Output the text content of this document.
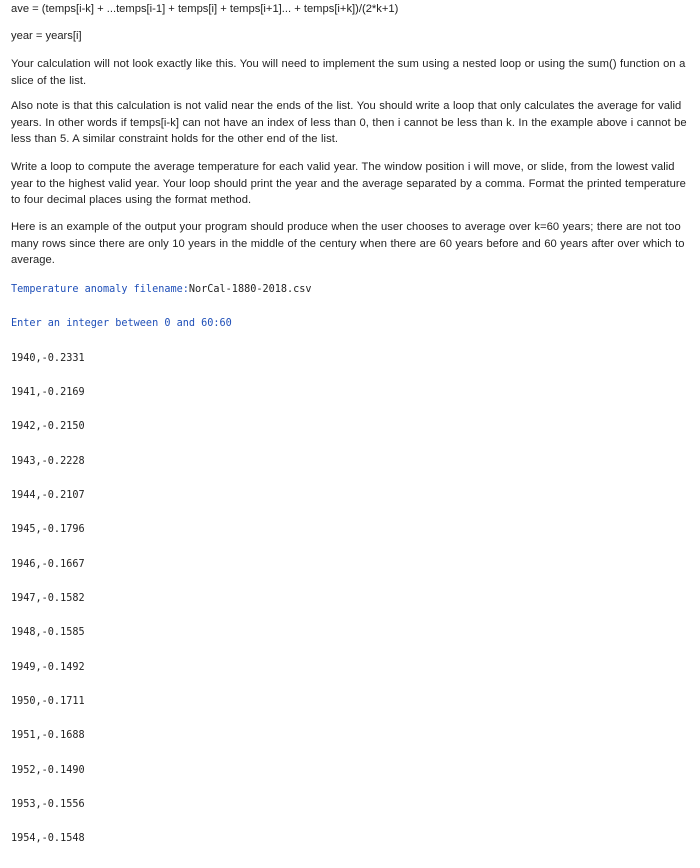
ave = (temps[i-k] + ...temps[i-1] + temps[i] + temps[i+1]... + temps[i+k])/(2*k+1)
year = years[i]
Your calculation will not look exactly like this. You will need to implement the sum using a nested loop or using the sum() function on a slice of the list.
Also note is that this calculation is not valid near the ends of the list. You should write a loop that only calculates the average for valid years. In other words if temps[i-k] can not have an index of less than 0, then i cannot be less than k. In the example above i cannot be less than 5. A similar constraint holds for the other end of the list.
Write a loop to compute the average temperature for each valid year. The window position i will move, or slide, from the lowest valid year to the highest valid year. Your loop should print the year and the average separated by a comma. Format the printed temperature to four decimal places using the format method.
Here is an example of the output your program should produce when the user chooses to average over k=60 years; there are not too many rows since there are only 10 years in the middle of the century when there are 60 years before and 60 years after over which to average.

Temperature anomaly filename:NorCal-1880-2018.csv

Enter an integer between 0 and 60:60

1940,-0.2331

1941,-0.2169

1942,-0.2150

1943,-0.2228

1944,-0.2107

1945,-0.1796

1946,-0.1667

1947,-0.1582

1948,-0.1585

1949,-0.1492

1950,-0.1711

1951,-0.1688

1952,-0.1490

1953,-0.1556

1954,-0.1548
